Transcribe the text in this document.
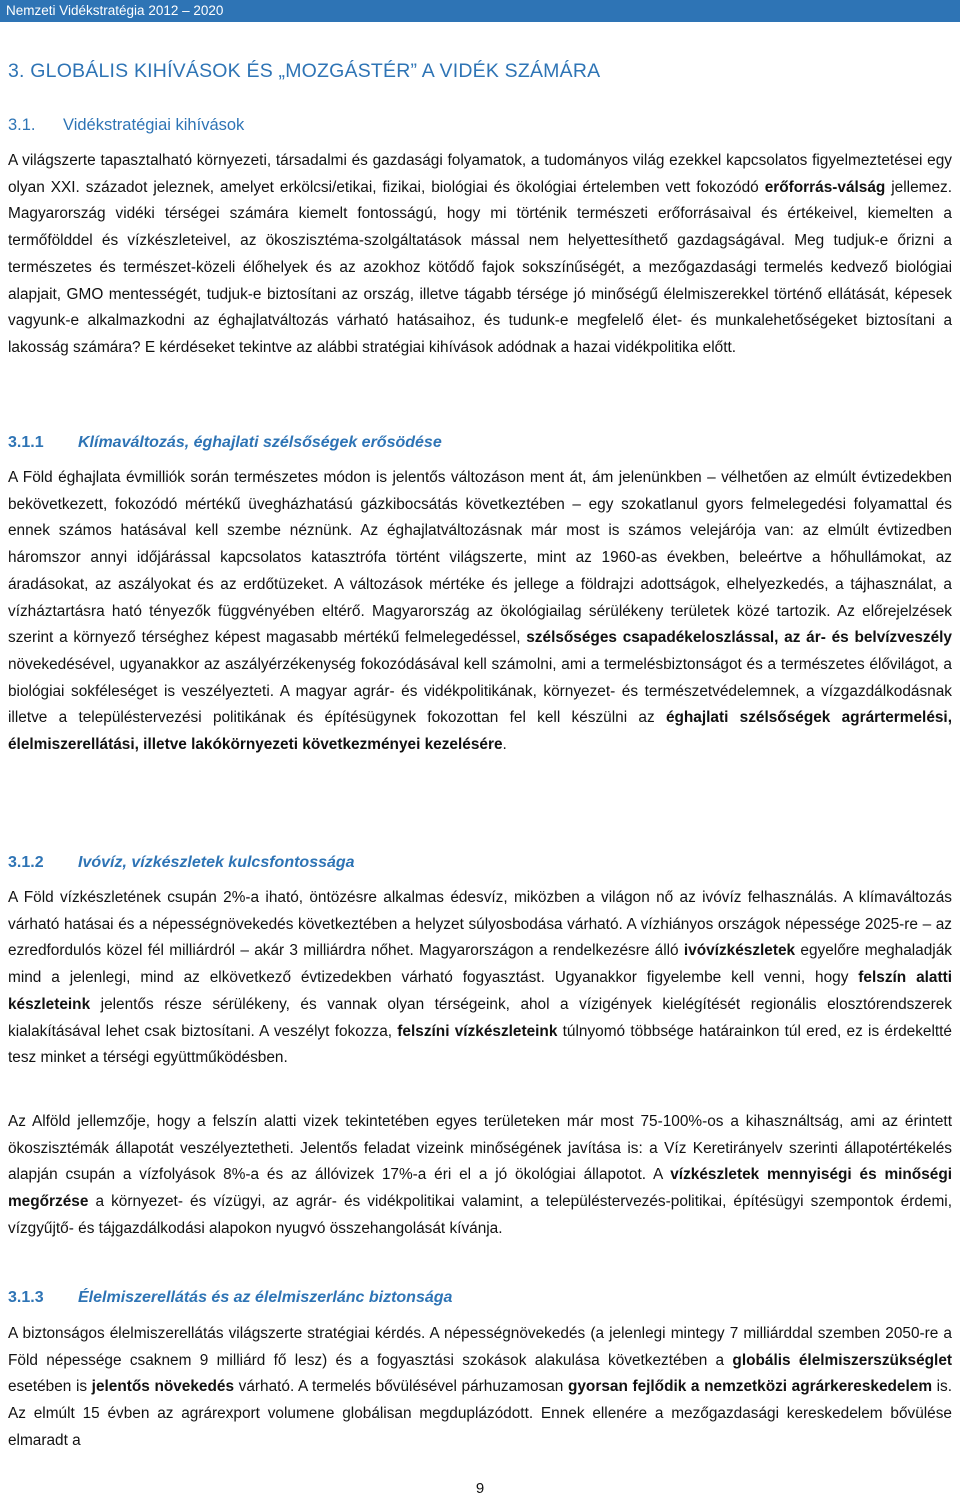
Nemzeti Vidékstratégia 2012 – 2020
3. GLOBÁLIS KIHÍVÁSOK ÉS „MOZGÁSTÉR” A VIDÉK SZÁMÁRA
3.1. Vidékstratégiai kihívások

A világszerte tapasztalható környezeti, társadalmi és gazdasági folyamatok, a tudományos világ ezekkel kapcsolatos figyelmeztetései egy olyan XXI. századot jeleznek, amelyet erkölcsi/etikai, fizikai, biológiai és ökológiai értelemben vett fokozódó erőforrás-válság jellemez. Magyarország vidéki térségei számára kiemelt fontosságú, hogy mi történik természeti erőforrásaival és értékeivel, kiemelten a termőfölddel és vízkészleteivel, az ökoszisztéma-szolgáltatások mással nem helyettesíthető gazdagságával. Meg tudjuk-e őrizni a természetes és természet-közeli élőhelyek és az azokhoz kötődő fajok sokszínűségét, a mezőgazdasági termelés kedvező biológiai alapjait, GMO mentességét, tudjuk-e biztosítani az ország, illetve tágabb térsége jó minőségű élelmiszerekkel történő ellátását, képesek vagyunk-e alkalmazkodni az éghajlatváltozás várható hatásaihoz, és tudunk-e megfelelő élet- és munkalehetőségeket biztosítani a lakosság számára? E kérdéseket tekintve az alábbi stratégiai kihívások adódnak a hazai vidékpolitika előtt.

3.1.1 Klímaváltozás, éghajlati szélsőségek erősödése

A Föld éghajlata évmilliók során természetes módon is jelentős változáson ment át, ám jelenünkben – vélhetően az elmúlt évtizedekben bekövetkezett, fokozódó mértékű üvegházhatású gázkibocsátás következtében – egy szokatlanul gyors felmelegedési folyamattal és ennek számos hatásával kell szembe néznünk. Az éghajlatváltozásnak már most is számos velejárója van: az elmúlt évtizedben háromszor annyi időjárással kapcsolatos katasztrófa történt világszerte, mint az 1960-as években, beleértve a hőhullámokat, az áradásokat, az aszályokat és az erdőtüzeket. A változások mértéke és jellege a földrajzi adottságok, elhelyezkedés, a tájhasználat, a vízháztartásra ható tényezők függvényében eltérő. Magyarország az ökológiailag sérülékeny területek közé tartozik. Az előrejelzések szerint a környező térséghez képest magasabb mértékű felmelegedéssel, szélsőséges csapadékeloszlással, az ár- és belvízveszély növekedésével, ugyanakkor az aszályérzékenység fokozódásával kell számolni, ami a termelésbiztonságot és a természetes élővilágot, a biológiai sokféleséget is veszélyezteti. A magyar agrár- és vidékpolitikának, környezet- és természetvédelemnek, a vízgazdálkodásnak illetve a településtervezési politikának és építésügynek fokozottan fel kell készülni az éghajlati szélsőségek agrártermelési, élelmiszerellátási, illetve lakókörnyezeti következményei kezelésére.

3.1.2 Ivóvíz, vízkészletek kulcsfontossága

A Föld vízkészletének csupán 2%-a iható, öntözésre alkalmas édesvíz, miközben a világon nő az ivóvíz felhasználás. A klímaváltozás várható hatásai és a népességnövekedés következtében a helyzet súlyosbodása várható. A vízhiányos országok népessége 2025-re – az ezredfordulós közel fél milliárdról – akár 3 milliárdra nőhet. Magyarországon a rendelkezésre álló ivóvízkészletek egyelőre meghaladják mind a jelenlegi, mind az elkövetkező évtizedekben várható fogyasztást. Ugyanakkor figyelembe kell venni, hogy felszín alatti készleteink jelentős része sérülékeny, és vannak olyan térségeink, ahol a vízigények kielégítését regionális elosztórendszerek kialakításával lehet csak biztosítani. A veszélyt fokozza, felszíni vízkészleteink túlnyomó többsége határainkon túl ered, ez is érdekeltté tesz minket a térségi együttműködésben.

Az Alföld jellemzője, hogy a felszín alatti vizek tekintetében egyes területeken már most 75-100%-os a kihasználtság, ami az érintett ökoszisztémák állapotát veszélyeztetheti. Jelentős feladat vizeink minőségének javítása is: a Víz Keretirányelv szerinti állapotértékelés alapján csupán a vízfolyások 8%-a és az állóvizek 17%-a éri el a jó ökológiai állapotot. A vízkészletek mennyiségi és minőségi megőrzése a környezet- és vízügyi, az agrár- és vidékpolitikai valamint, a településtervezés-politikai, építésügyi szempontok érdemi, vízgyűjtő- és tájgazdálkodási alapokon nyugvó összehangolását kívánja.

3.1.3 Élelmiszerellátás és az élelmiszerlánc biztonsága

A biztonságos élelmiszerellátás világszerte stratégiai kérdés. A népességnövekedés (a jelenlegi mintegy 7 milliárddal szemben 2050-re a Föld népessége csaknem 9 milliárd fő lesz) és a fogyasztási szokások alakulása következtében a globális élelmiszerszükséglet esetében is jelentős növekedés várható. A termelés bővülésével párhuzamosan gyorsan fejlődik a nemzetközi agrárkereskedelem is. Az elmúlt 15 évben az agrárexport volumene globálisan megduplázódott. Ennek ellenére a mezőgazdasági kereskedelem bővülése elmaradt a

9
